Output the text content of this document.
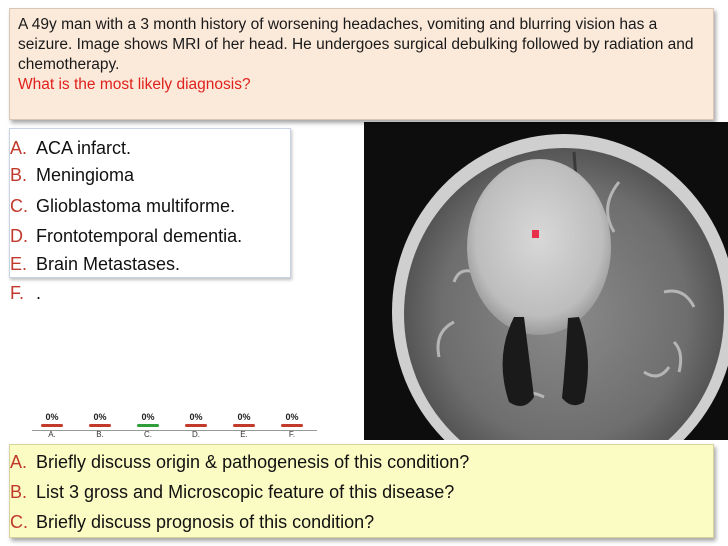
A 49y man with a 3 month history of worsening headaches, vomiting and blurring vision has a seizure. Image shows MRI of her head. He undergoes surgical debulking followed by radiation and chemotherapy.

What is the most likely diagnosis?

A. ACA infarct.
B. Meningioma
C. Glioblastoma multiforme.
D. Frontotemporal dementia.
E. Brain Metastases.
F. .
0%
A.
0%
B.
0%
C.
0%
D.
0%
E.
0%
F.
A. Briefly discuss origin & pathogenesis of this condition?
B. List 3 gross and Microscopic feature of this disease?
C. Briefly discuss prognosis of this condition?
